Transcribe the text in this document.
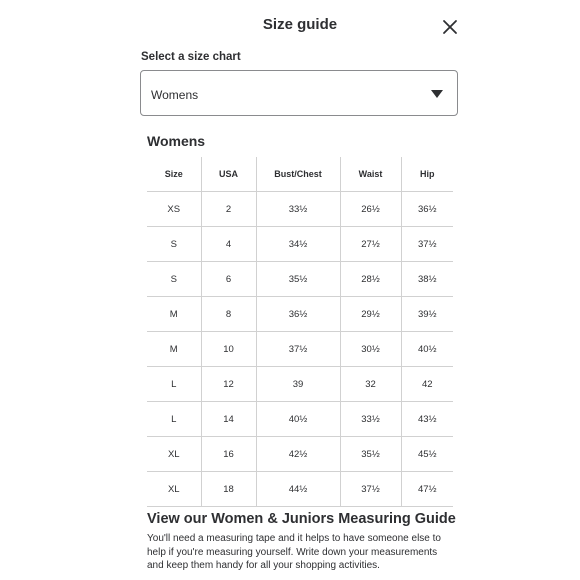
Size guide
Select a size chart
Womens
Womens
Size	USA	Bust/Chest	Waist	Hip
XS	2	33½	26½	36½
S	4	34½	27½	37½
S	6	35½	28½	38½
M	8	36½	29½	39½
M	10	37½	30½	40½
L	12	39	32	42
L	14	40½	33½	43½
XL	16	42½	35½	45½
XL	18	44½	37½	47½
View our Women & Juniors Measuring Guide
You'll need a measuring tape and it helps to have someone else to help if you're measuring yourself. Write down your measurements and keep them handy for all your shopping activities.
